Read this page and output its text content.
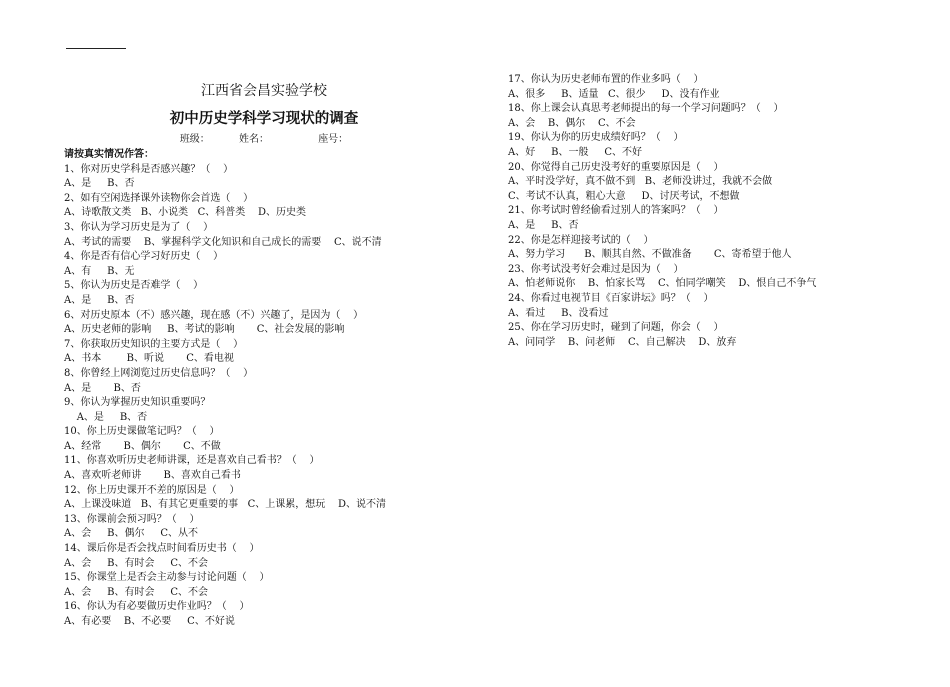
江西省会昌实验学校
初中历史学科学习现状的调查
班级：	姓名：	座号：
请按真实情况作答：
1、你对历史学科是否感兴趣？（    ）
A、是     B、否
2、如有空闲选择课外读物你会首选（    ）
A、诗歌散文类   B、小说类   C、科普类    D、历史类
3、你认为学习历史是为了（    ）
A、考试的需要    B、掌握科学文化知识和自己成长的需要    C、说不清
4、你是否有信心学习好历史（    ）
A、有     B、无
5、你认为历史是否难学（    ）
A、是     B、否
6、对历史原本（不）感兴趣，现在感（不）兴趣了，是因为（    ）
A、历史老师的影响     B、考试的影响       C、社会发展的影响
7、你获取历史知识的主要方式是（    ）
A、书本        B、听说       C、看电视
8、你曾经上网浏览过历史信息吗？（    ）
A、是       B、否
9、你认为掌握历史知识重要吗？
A、是     B、否
10、你上历史课做笔记吗？（    ）
A、经常       B、偶尔       C、不做
11、你喜欢听历史老师讲课，还是喜欢自己看书？（    ）
A、喜欢听老师讲       B、喜欢自己看书
12、你上历史课开不差的原因是（    ）
A、上课没味道   B、有其它更重要的事   C、上课累，想玩    D、说不清
13、你课前会预习吗？（    ）
A、会     B、偶尔     C、从不
14、课后你是否会找点时间看历史书（    ）
A、会     B、有时会     C、不会
15、你课堂上是否会主动参与讨论问题（    ）
A、会     B、有时会     C、不会
16、你认为有必要做历史作业吗？（    ）
A、有必要    B、不必要     C、不好说
17、你认为历史老师布置的作业多吗（    ）
A、很多     B、适量   C、很少     D、没有作业
18、你上课会认真思考老师提出的每一个学习问题吗？（    ）
A、会    B、偶尔    C、不会
19、你认为你的历史成绩好吗？（    ）
A、好     B、一般     C、不好
20、你觉得自己历史没考好的重要原因是（    ）
A、平时没学好，真不做不到   B、老师没讲过，我就不会做
C、考试不认真，粗心大意     D、讨厌考试，不想做
21、你考试时曾经偷看过别人的答案吗？（    ）
A、是     B、否
22、你是怎样迎接考试的（    ）
A、努力学习      B、顺其自然、不做准备       C、寄希望于他人
23、你考试没考好会难过是因为（    ）
A、怕老师说你    B、怕家长骂    C、怕同学嘲笑    D、恨自己不争气
24、你看过电视节目《百家讲坛》吗？（    ）
A、看过     B、没看过
25、你在学习历史时，碰到了问题，你会（    ）
A、问同学    B、问老师    C、自己解决    D、放弃
